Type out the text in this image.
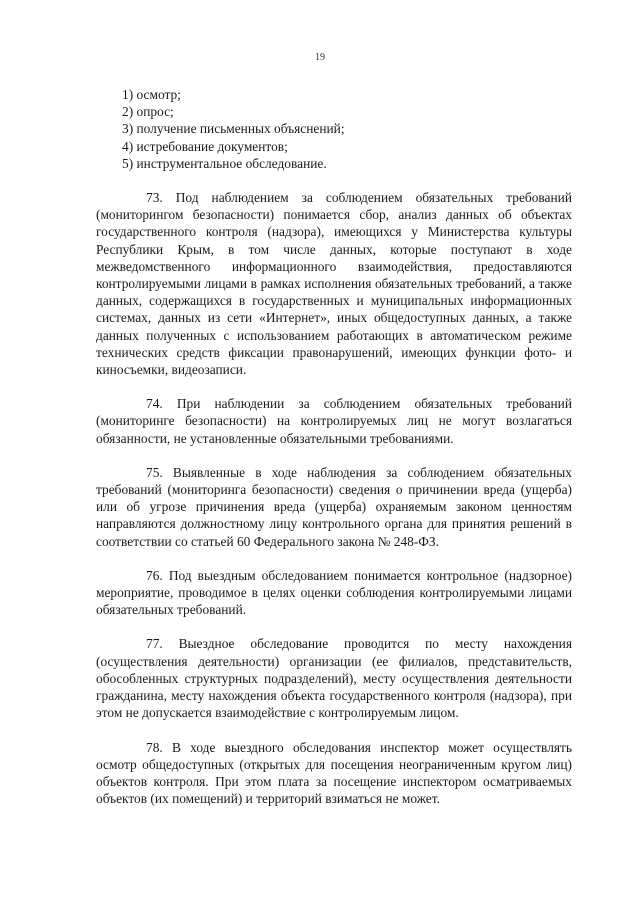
19
1) осмотр;
2) опрос;
3) получение письменных объяснений;
4) истребование документов;
5) инструментальное обследование.

73. Под наблюдением за соблюдением обязательных требований (мониторингом безопасности) понимается сбор, анализ данных об объектах государственного контроля (надзора), имеющихся у Министерства культуры Республики Крым, в том числе данных, которые поступают в ходе межведомственного информационного взаимодействия, предоставляются контролируемыми лицами в рамках исполнения обязательных требований, а также данных, содержащихся в государственных и муниципальных информационных системах, данных из сети «Интернет», иных общедоступных данных, а также данных полученных с использованием работающих в автоматическом режиме технических средств фиксации правонарушений, имеющих функции фото- и киносъемки, видеозаписи.

74. При наблюдении за соблюдением обязательных требований (мониторинге безопасности) на контролируемых лиц не могут возлагаться обязанности, не установленные обязательными требованиями.

75. Выявленные в ходе наблюдения за соблюдением обязательных требований (мониторинга безопасности) сведения о причинении вреда (ущерба) или об угрозе причинения вреда (ущерба) охраняемым законом ценностям направляются должностному лицу контрольного органа для принятия решений в соответствии со статьей 60 Федерального закона № 248-ФЗ.

76. Под выездным обследованием понимается контрольное (надзорное) мероприятие, проводимое в целях оценки соблюдения контролируемыми лицами обязательных требований.

77. Выездное обследование проводится по месту нахождения (осуществления деятельности) организации (ее филиалов, представительств, обособленных структурных подразделений), месту осуществления деятельности гражданина, месту нахождения объекта государственного контроля (надзора), при этом не допускается взаимодействие с контролируемым лицом.

78. В ходе выездного обследования инспектор может осуществлять осмотр общедоступных (открытых для посещения неограниченным кругом лиц) объектов контроля. При этом плата за посещение инспектором осматриваемых объектов (их помещений) и территорий взиматься не может.
